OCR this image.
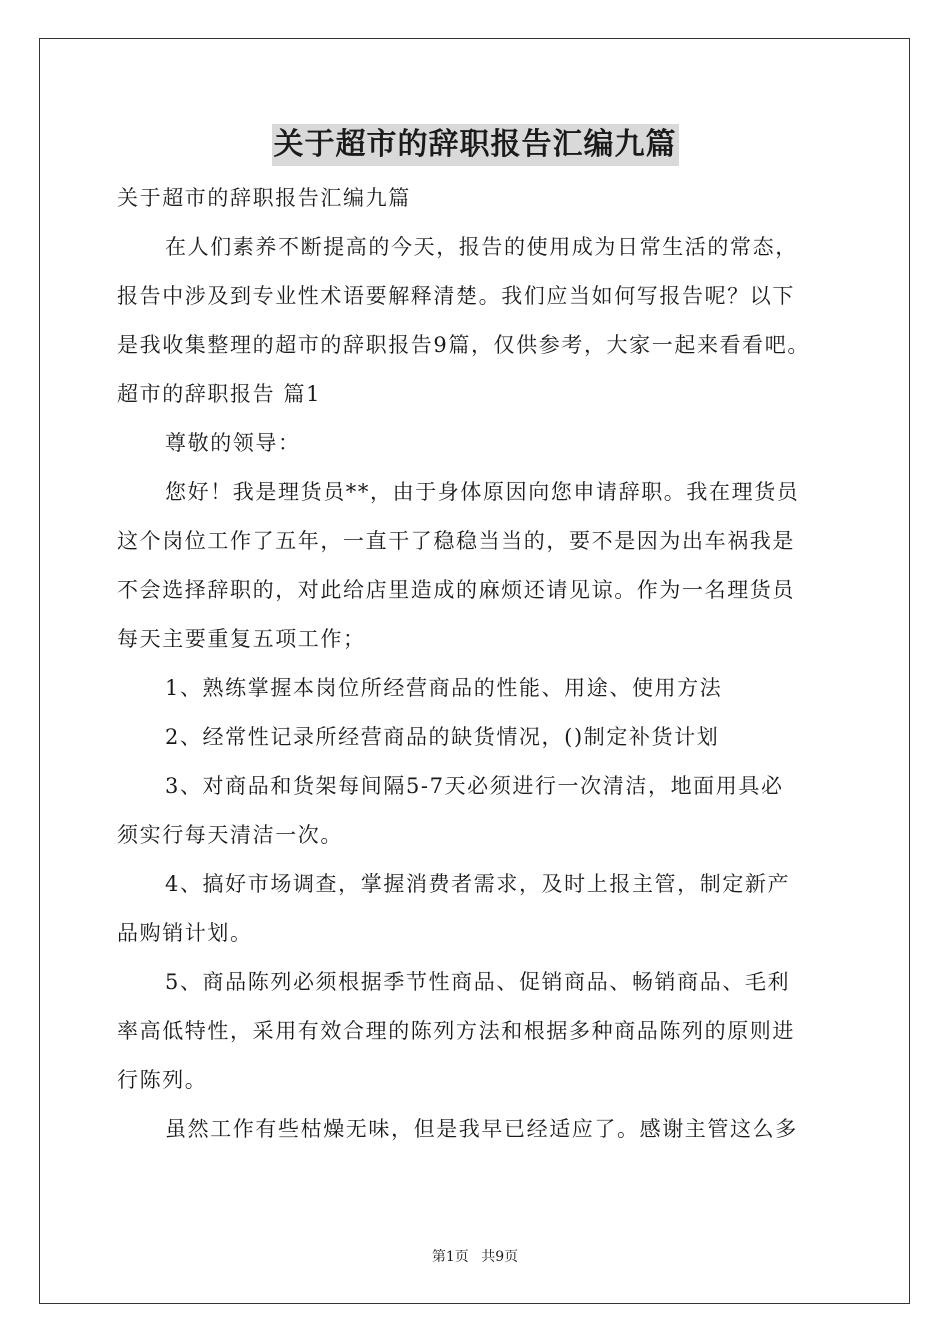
关于超市的辞职报告汇编九篇
关于超市的辞职报告汇编九篇
在人们素养不断提高的今天，报告的使用成为日常生活的常态，
报告中涉及到专业性术语要解释清楚。我们应当如何写报告呢？以下
是我收集整理的超市的辞职报告9篇，仅供参考，大家一起来看看吧。
超市的辞职报告 篇1
尊敬的领导：
您好！我是理货员**，由于身体原因向您申请辞职。我在理货员
这个岗位工作了五年，一直干了稳稳当当的，要不是因为出车祸我是
不会选择辞职的，对此给店里造成的麻烦还请见谅。作为一名理货员
每天主要重复五项工作；
1、熟练掌握本岗位所经营商品的性能、用途、使用方法
2、经常性记录所经营商品的缺货情况，()制定补货计划
3、对商品和货架每间隔5-7天必须进行一次清洁，地面用具必
须实行每天清洁一次。
4、搞好市场调查，掌握消费者需求，及时上报主管，制定新产
品购销计划。
5、商品陈列必须根据季节性商品、促销商品、畅销商品、毛利
率高低特性，采用有效合理的陈列方法和根据多种商品陈列的原则进
行陈列。
虽然工作有些枯燥无味，但是我早已经适应了。感谢主管这么多
第1页 共9页
